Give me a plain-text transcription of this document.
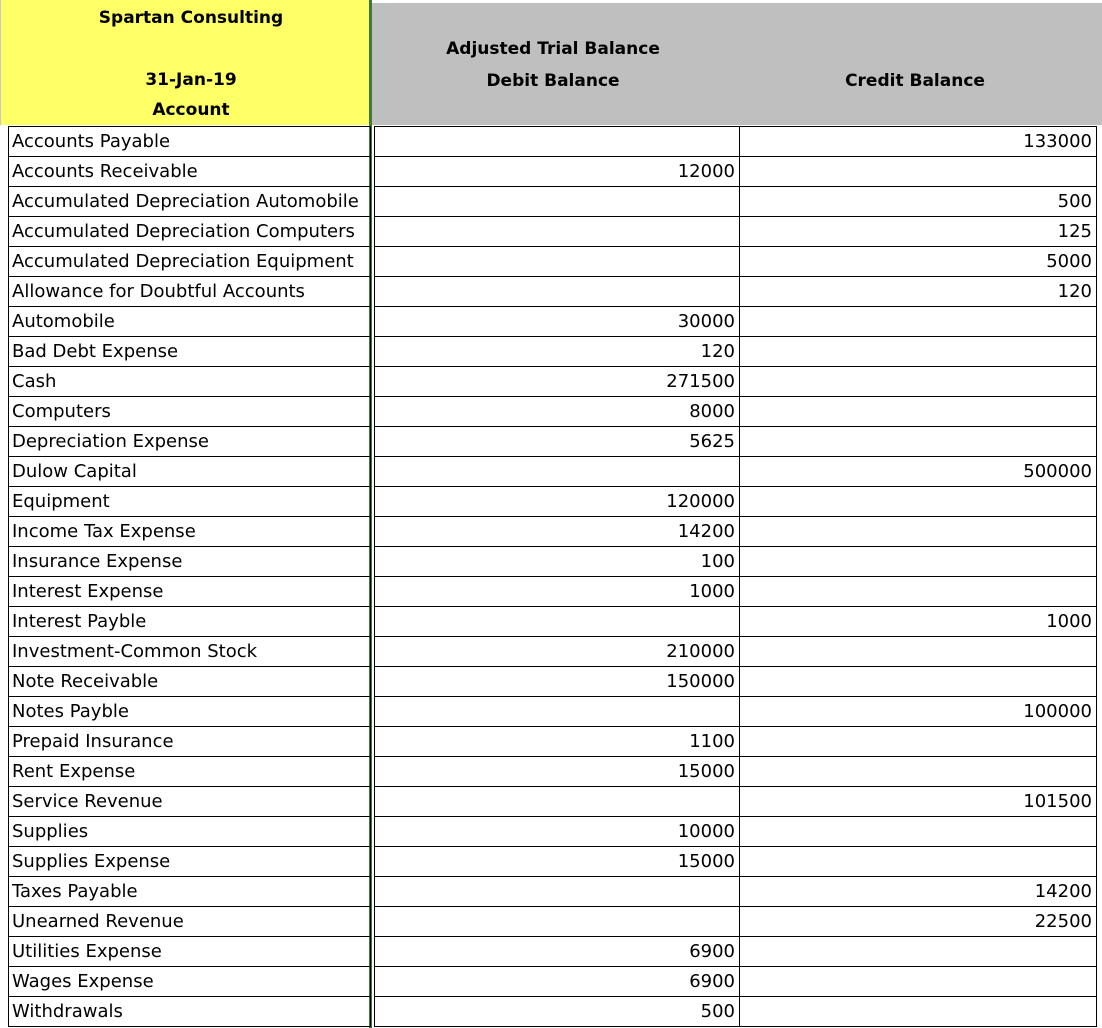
Spartan Consulting
31-Jan-19
Account
Adjusted Trial Balance
Debit Balance	Credit Balance
Accounts Payable			133000
Accounts Receivable		12000	
Accumulated Depreciation Automobile			500
Accumulated Depreciation Computers			125
Accumulated Depreciation Equipment			5000
Allowance for Doubtful Accounts			120
Automobile		30000	
Bad Debt Expense		120	
Cash		271500	
Computers		8000	
Depreciation Expense		5625	
Dulow Capital			500000
Equipment		120000	
Income Tax Expense		14200	
Insurance Expense		100	
Interest Expense		1000	
Interest Payble			1000
Investment-Common Stock		210000	
Note Receivable		150000	
Notes Payble			100000
Prepaid Insurance		1100	
Rent Expense		15000	
Service Revenue			101500
Supplies		10000	
Supplies Expense		15000	
Taxes Payable			14200
Unearned Revenue			22500
Utilities Expense		6900	
Wages Expense		6900	
Withdrawals		500	
